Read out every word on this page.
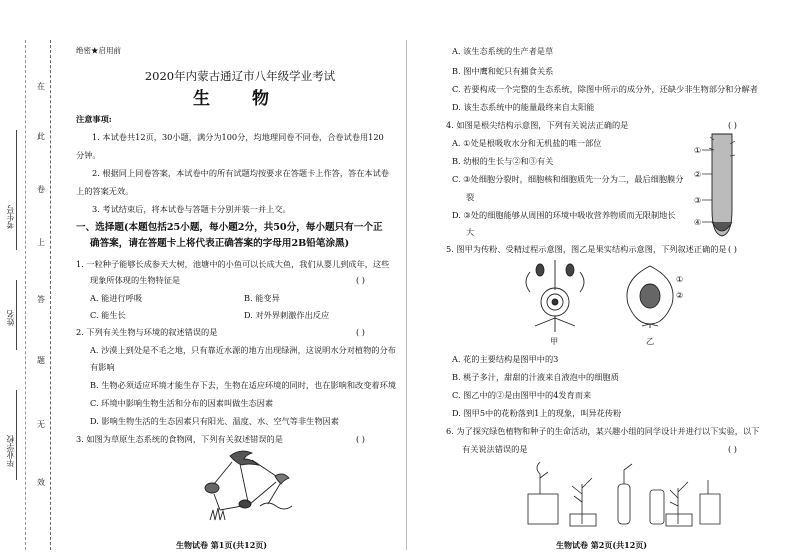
在
此
卷
上
答
题
无
效
考生号
姓名
毕业学校
绝密★启用前
2020年内蒙古通辽市八年级学业考试
生 物
注意事项:
1. 本试卷共12页，30小题，满分为100分，均地理同卷不同卷，合卷试卷用120
分钟。
2. 根据同上同卷答案，本试卷中的所有试题均按要求在答题卡上作答，答在本试卷
上的答案无效。
3. 考试结束后，将本试卷与答题卡分别并装一并上交。
一、选择题(本题包括25小题，每小题2分，共50分，每小题只有一个正
确答案，请在答题卡上将代表正确答案的字母用2B铅笔涂黑)
1. 一粒种子能够长成参天大树，池塘中的小鱼可以长成大鱼，我们从婴儿到成年，这些
现象所体现的生物特征是	( )
A. 能进行呼吸	B. 能变异
C. 能生长	D. 对外界刺激作出反应
2. 下列有关生物与环境的叙述错误的是	( )
A. 沙漠上到处是不毛之地，只有靠近水源的地方出现绿洲，这说明水分对植物的分布
有影响
B. 生物必须适应环境才能生存下去，生物在适应环境的同时，也在影响和改变着环境
C. 环境中影响生物生活和分布的因素叫做生态因素
D. 影响生物生活的生态因素只有阳光、温度、水、空气等非生物因素
3. 如图为草原生态系统的食物网，下列有关叙述错误的是	( )
生物试卷 第1页(共12页)
A. 该生态系统的生产者是草
B. 图中鹰和蛇只有捕食关系
C. 若要构成一个完整的生态系统，除图中所示的成分外，还缺少非生物部分和分解者
D. 该生态系统中的能量最终来自太阳能
4. 如图是根尖结构示意图，下列有关说法正确的是	( )
A. ①处是根吸收水分和无机盐的唯一部位
B. 幼根的生长与②和③有关
C. ③处细胞分裂时，细胞核和细胞质先一分为二，最后细胞膜分
裂
D. ③处的细胞能够从周围的环境中吸收营养物质而无限制地长
大
①
②
③
④
5. 图甲为传粉、受精过程示意图，图乙是果实结构示意图，下列叙述正确的是 ( )
甲	乙
①
②
A. 花的主要结构是图甲中的3
B. 桃子多汁，甜甜的汁液来自液泡中的细胞质
C. 图乙中的②是由图甲中的4发育而来
D. 图甲5中的花粉落到1上的现象，叫异花传粉
6. 为了探究绿色植物和种子的生命活动，某兴趣小组的同学设计并进行以下实验，以下
有关说法错误的是	( )
生物试卷 第2页(共12页)
